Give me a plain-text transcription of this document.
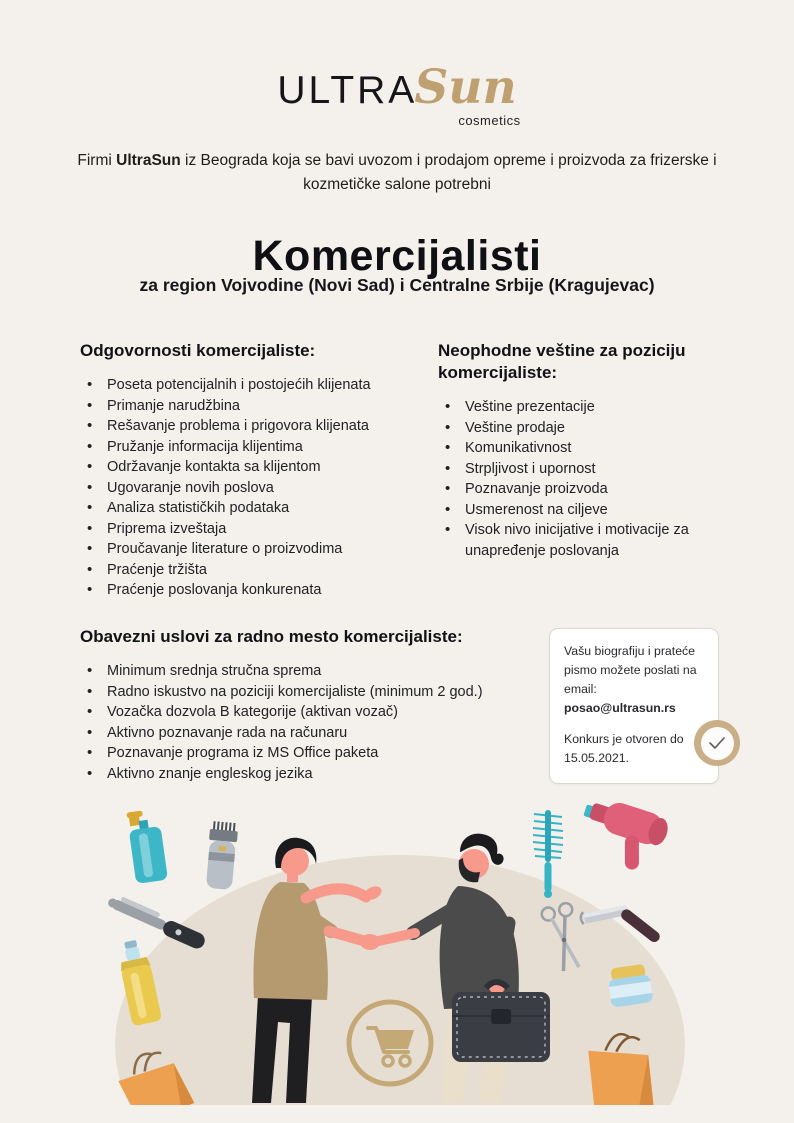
ULTRASun
cosmetics

Firmi UltraSun iz Beograda koja se bavi uvozom i prodajom opreme i proizvoda za frizerske i kozmetičke salone potrebni

Komercijalisti
za region Vojvodine (Novi Sad) i Centralne Srbije (Kragujevac)
Odgovornosti komercijaliste:
• Poseta potencijalnih i postojećih klijenata
• Primanje narudžbina
• Rešavanje problema i prigovora klijenata
• Pružanje informacija klijentima
• Održavanje kontakta sa klijentom
• Ugovaranje novih poslova
• Analiza statističkih podataka
• Priprema izveštaja
• Proučavanje literature o proizvodima
• Praćenje tržišta
• Praćenje poslovanja konkurenata
Neophodne veštine za poziciju komercijaliste:
• Veštine prezentacije
• Veštine prodaje
• Komunikativnost
• Strpljivost i upornost
• Poznavanje proizvoda
• Usmerenost na ciljeve
• Visok nivo inicijative i motivacije za unapređenje poslovanja
Obavezni uslovi za radno mesto komercijaliste:
• Minimum srednja stručna sprema
• Radno iskustvo na poziciji komercijaliste (minimum 2 god.)
• Vozačka dozvola B kategorije (aktivan vozač)
• Aktivno poznavanje rada na računaru
• Poznavanje programa iz MS Office paketa
• Aktivno znanje engleskog jezika

Vašu biografiju i prateće pismo možete poslati na email: posao@ultrasun.rs

Konkurs je otvoren do 15.05.2021.
